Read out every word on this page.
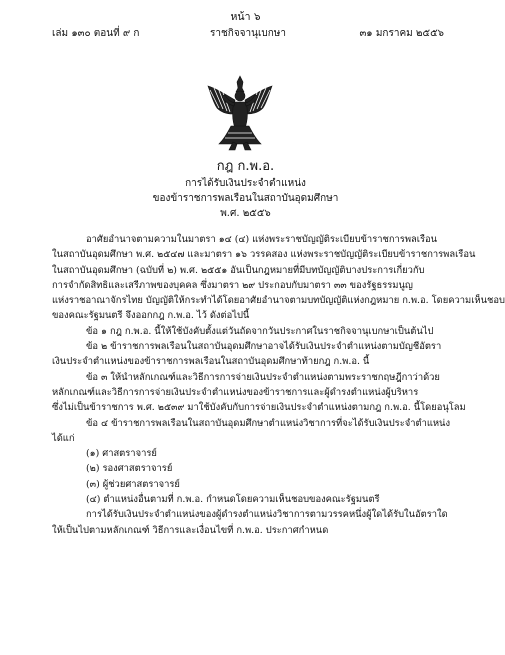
หน้า ๖
ราชกิจจานุเบกษา
เล่ม ๑๓๐ ตอนที่ ๙ ก	๓๑ มกราคม ๒๕๕๖
กฎ ก.พ.อ.
การได้รับเงินประจำตำแหน่ง
ของข้าราชการพลเรือนในสถาบันอุดมศึกษา
พ.ศ. ๒๕๕๖

อาศัยอำนาจตามความในมาตรา ๑๔ (๔) แห่งพระราชบัญญัติระเบียบข้าราชการพลเรือน

ในสถาบันอุดมศึกษา พ.ศ. ๒๕๔๗ และมาตรา ๑๖ วรรคสอง แห่งพระราชบัญญัติระเบียบข้าราชการพลเรือน

ในสถาบันอุดมศึกษา (ฉบับที่ ๒) พ.ศ. ๒๕๕๑ อันเป็นกฎหมายที่มีบทบัญญัติบางประการเกี่ยวกับ

การจำกัดสิทธิและเสรีภาพของบุคคล ซึ่งมาตรา ๒๙ ประกอบกับมาตรา ๓๓ ของรัฐธรรมนูญ

แห่งราชอาณาจักรไทย บัญญัติให้กระทำได้โดยอาศัยอำนาจตามบทบัญญัติแห่งกฎหมาย ก.พ.อ. โดยความเห็นชอบ

ของคณะรัฐมนตรี จึงออกกฎ ก.พ.อ. ไว้ ดังต่อไปนี้

ข้อ ๑ กฎ ก.พ.อ. นี้ให้ใช้บังคับตั้งแต่วันถัดจากวันประกาศในราชกิจจานุเบกษาเป็นต้นไป

ข้อ ๒ ข้าราชการพลเรือนในสถาบันอุดมศึกษาอาจได้รับเงินประจำตำแหน่งตามบัญชีอัตรา

เงินประจำตำแหน่งของข้าราชการพลเรือนในสถาบันอุดมศึกษาท้ายกฎ ก.พ.อ. นี้

ข้อ ๓ ให้นำหลักเกณฑ์และวิธีการการจ่ายเงินประจำตำแหน่งตามพระราชกฤษฎีกาว่าด้วย

หลักเกณฑ์และวิธีการการจ่ายเงินประจำตำแหน่งของข้าราชการและผู้ดำรงตำแหน่งผู้บริหาร

ซึ่งไม่เป็นข้าราชการ พ.ศ. ๒๕๓๙ มาใช้บังคับกับการจ่ายเงินประจำตำแหน่งตามกฎ ก.พ.อ. นี้โดยอนุโลม

ข้อ ๔ ข้าราชการพลเรือนในสถาบันอุดมศึกษาตำแหน่งวิชาการที่จะได้รับเงินประจำตำแหน่ง

ได้แก่

(๑) ศาสตราจารย์

(๒) รองศาสตราจารย์

(๓) ผู้ช่วยศาสตราจารย์

(๔) ตำแหน่งอื่นตามที่ ก.พ.อ. กำหนดโดยความเห็นชอบของคณะรัฐมนตรี

การได้รับเงินประจำตำแหน่งของผู้ดำรงตำแหน่งวิชาการตามวรรคหนึ่งผู้ใดได้รับในอัตราใด

ให้เป็นไปตามหลักเกณฑ์ วิธีการและเงื่อนไขที่ ก.พ.อ. ประกาศกำหนด
